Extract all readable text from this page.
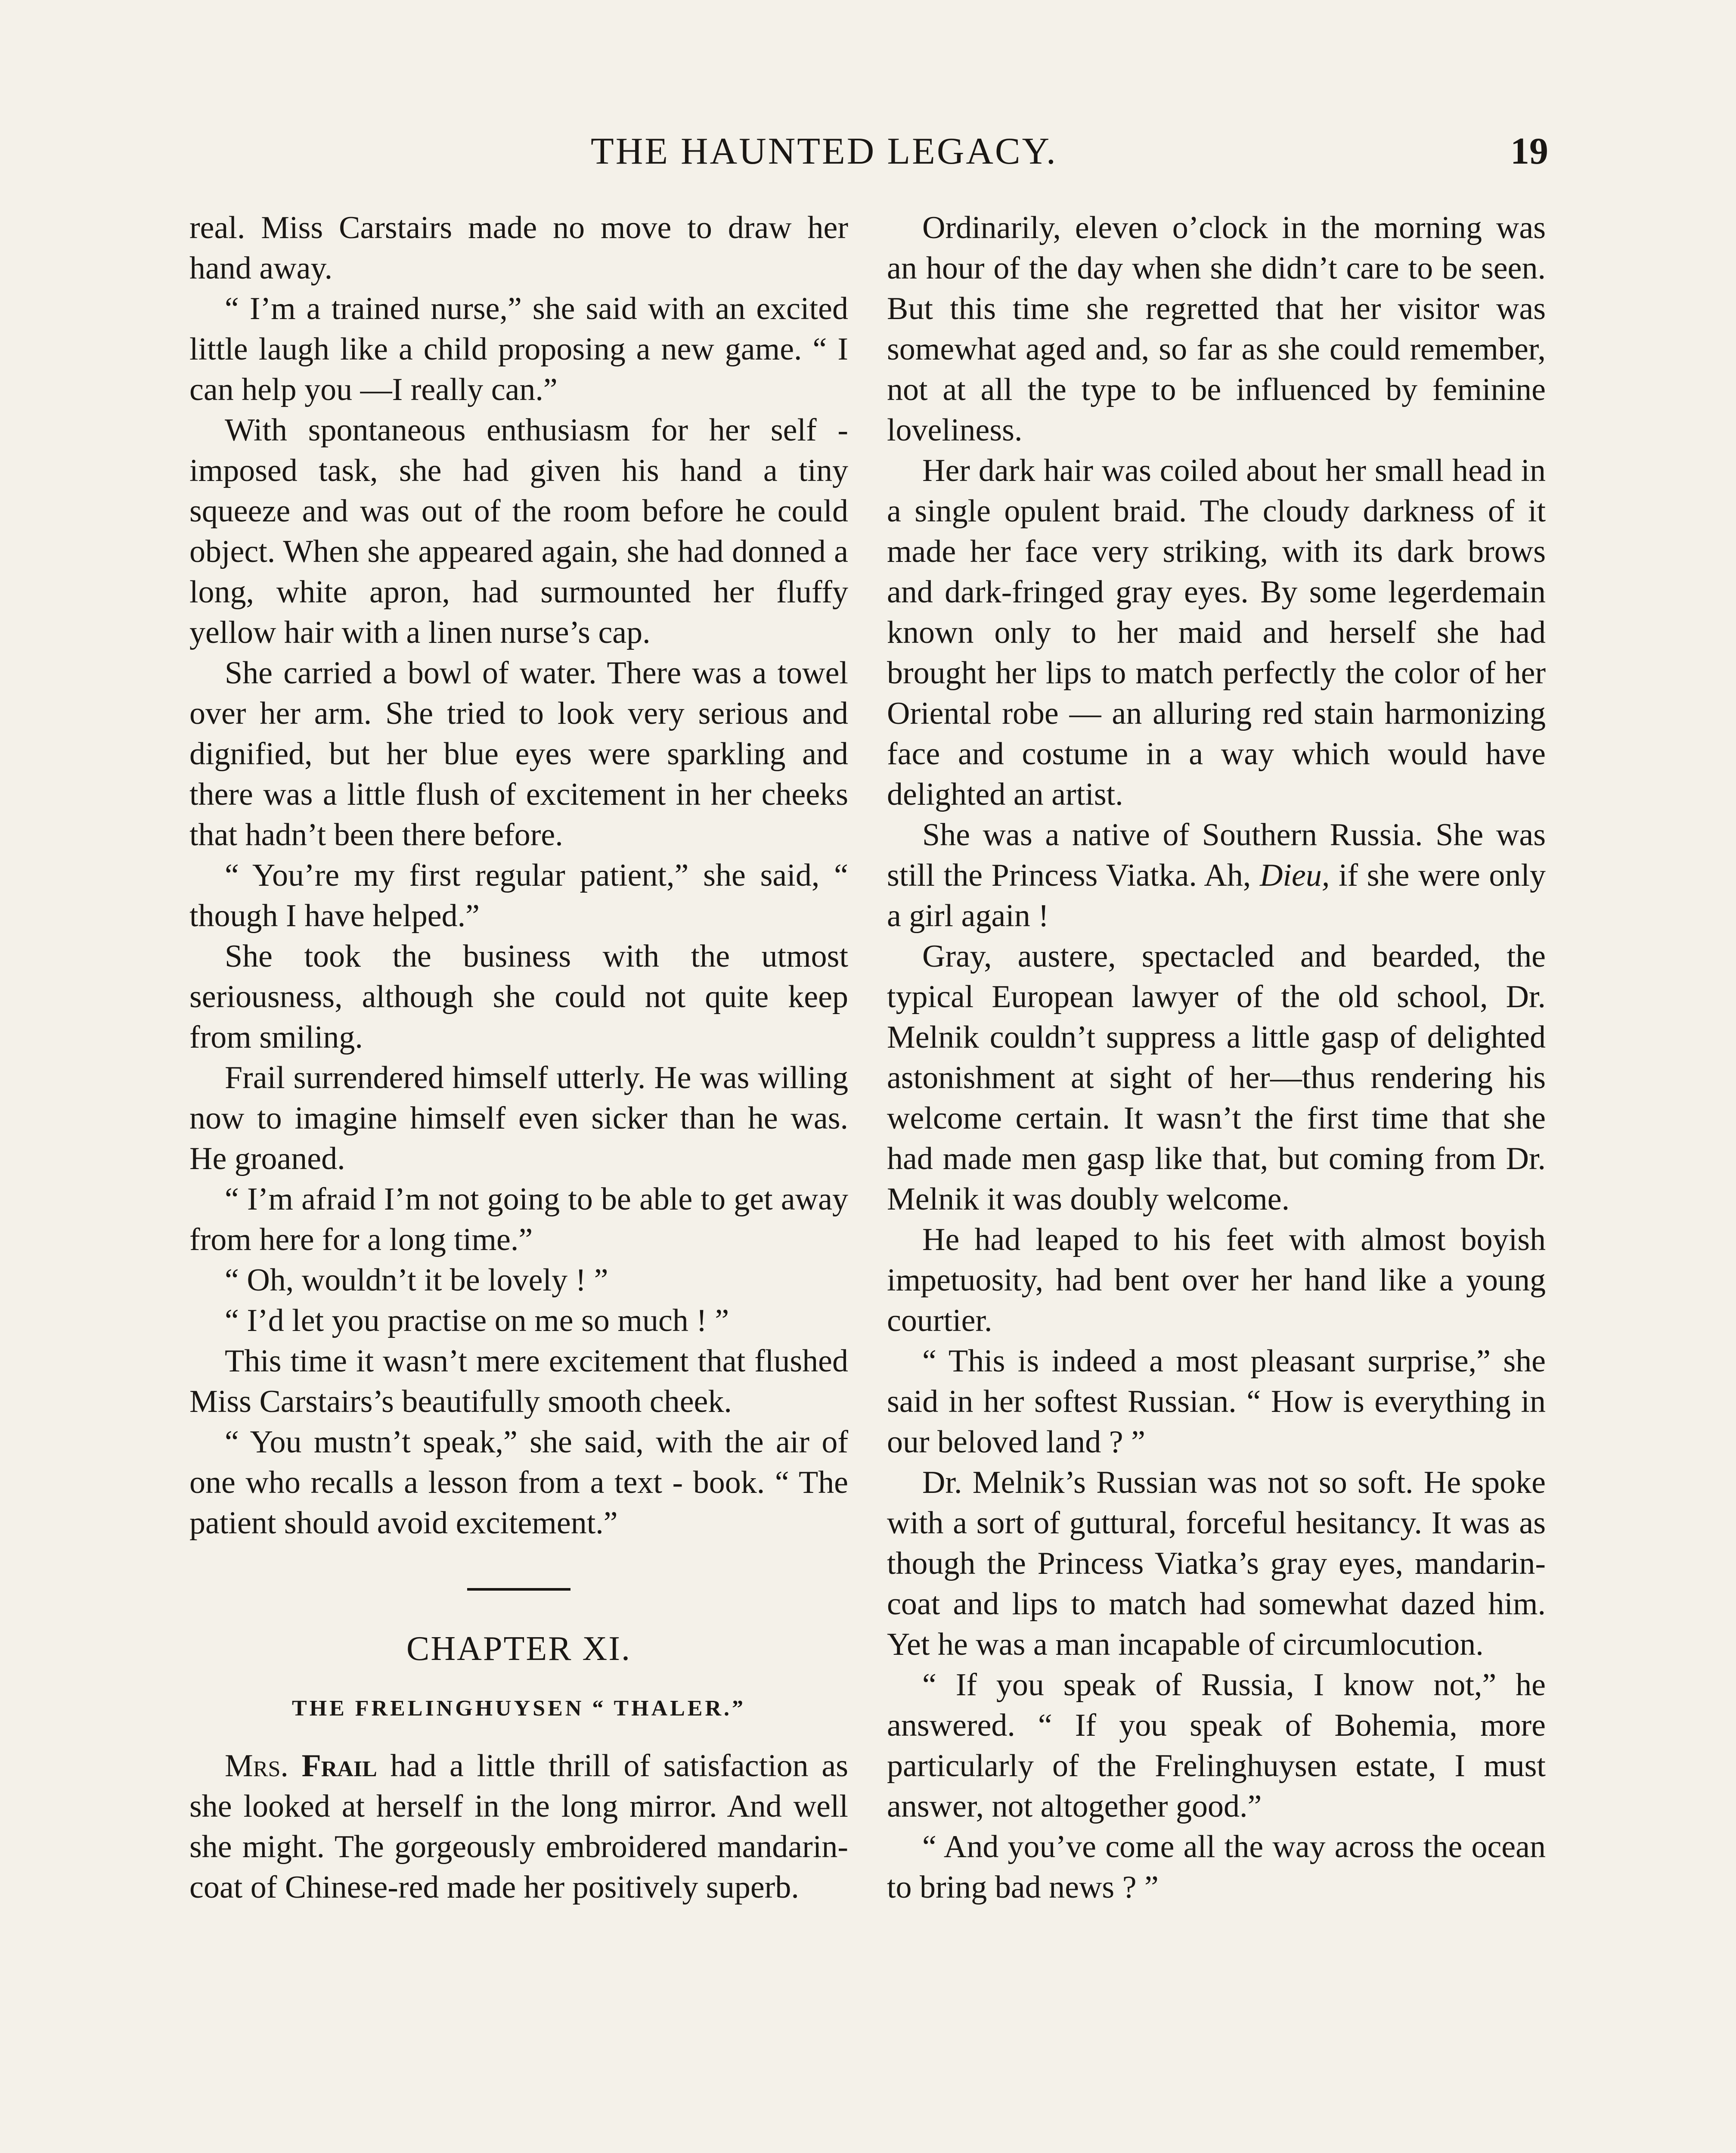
THE HAUNTED LEGACY.	19

real. Miss Carstairs made no move to draw her hand away.

“ I’m a trained nurse,” she said with an excited little laugh like a child proposing a new game. “ I can help you —I really can.”

With spontaneous enthusiasm for her self - imposed task, she had given his hand a tiny squeeze and was out of the room before he could object. When she appeared again, she had donned a long, white apron, had surmounted her fluffy yellow hair with a linen nurse’s cap.

She carried a bowl of water. There was a towel over her arm. She tried to look very serious and dignified, but her blue eyes were sparkling and there was a little flush of excitement in her cheeks that hadn’t been there before.

“ You’re my first regular patient,” she said, “ though I have helped.”

She took the business with the utmost seriousness, although she could not quite keep from smiling.

Frail surrendered himself utterly. He was willing now to imagine himself even sicker than he was. He groaned.

“ I’m afraid I’m not going to be able to get away from here for a long time.”

“ Oh, wouldn’t it be lovely ! ”

“ I’d let you practise on me so much ! ”

This time it wasn’t mere excitement that flushed Miss Carstairs’s beautifully smooth cheek.

“ You mustn’t speak,” she said, with the air of one who recalls a lesson from a text - book. “ The patient should avoid excitement.”

CHAPTER XI.
THE FRELINGHUYSEN “ THALER.”

Mrs. Frail had a little thrill of satisfaction as she looked at herself in the long mirror. And well she might. The gorgeously embroidered mandarin-coat of Chinese-red made her positively superb.

Ordinarily, eleven o’clock in the morning was an hour of the day when she didn’t care to be seen. But this time she regretted that her visitor was somewhat aged and, so far as she could remember, not at all the type to be influenced by feminine loveliness.

Her dark hair was coiled about her small head in a single opulent braid. The cloudy darkness of it made her face very striking, with its dark brows and dark-fringed gray eyes. By some legerdemain known only to her maid and herself she had brought her lips to match perfectly the color of her Oriental robe — an alluring red stain harmonizing face and costume in a way which would have delighted an artist.

She was a native of Southern Russia. She was still the Princess Viatka. Ah, Dieu, if she were only a girl again !

Gray, austere, spectacled and bearded, the typical European lawyer of the old school, Dr. Melnik couldn’t suppress a little gasp of delighted astonishment at sight of her—thus rendering his welcome certain. It wasn’t the first time that she had made men gasp like that, but coming from Dr. Melnik it was doubly welcome.

He had leaped to his feet with almost boyish impetuosity, had bent over her hand like a young courtier.

“ This is indeed a most pleasant surprise,” she said in her softest Russian. “ How is everything in our beloved land ? ”

Dr. Melnik’s Russian was not so soft. He spoke with a sort of guttural, forceful hesitancy. It was as though the Princess Viatka’s gray eyes, mandarin-coat and lips to match had somewhat dazed him. Yet he was a man incapable of circumlocution.

“ If you speak of Russia, I know not,” he answered. “ If you speak of Bohemia, more particularly of the Frelinghuysen estate, I must answer, not altogether good.”

“ And you’ve come all the way across the ocean to bring bad news ? ”
